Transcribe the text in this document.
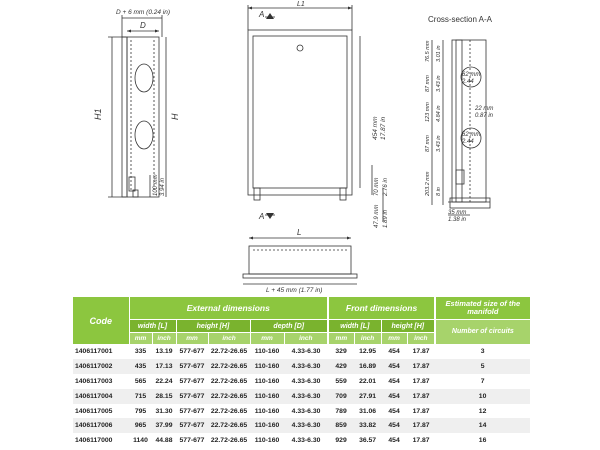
D + 6 mm (0.24 in)
D
H1	H
100 mm 3.94 in
L1
A
A
454 mm 17.87 in
70 mm 2.76 in
47.9 mm 1.89 in
L
L + 45 mm (1.77 in)
Cross-section A-A
76.5 mm 3.01 in
87 mm 3.43 in
123 mm 4.84 in
87 mm 3.43 in
203.2 mm 8 in
62 mm
2.44
22 mm
0.87 in
62 mm
2.44
35 mm
1.38 in
Code	External dimensions						Front dimensions				Estimated size of the manifold
	width [L]		height [H]		depth [D]		width [L]		height [H]		Number of circuits
	mm	inch	mm	inch	mm	inch	mm	inch	mm	inch	
1406117001	335	13.19	577-677	22.72-26.65	110-160	4.33-6.30	329	12.95	454	17.87	3
1406117002	435	17.13	577-677	22.72-26.65	110-160	4.33-6.30	429	16.89	454	17.87	5
1406117003	565	22.24	577-677	22.72-26.65	110-160	4.33-6.30	559	22.01	454	17.87	7
1406117004	715	28.15	577-677	22.72-26.65	110-160	4.33-6.30	709	27.91	454	17.87	10
1406117005	795	31.30	577-677	22.72-26.65	110-160	4.33-6.30	789	31.06	454	17.87	12
1406117006	965	37.99	577-677	22.72-26.65	110-160	4.33-6.30	859	33.82	454	17.87	14
1406117000	1140	44.88	577-677	22.72-26.65	110-160	4.33-6.30	929	36.57	454	17.87	16
